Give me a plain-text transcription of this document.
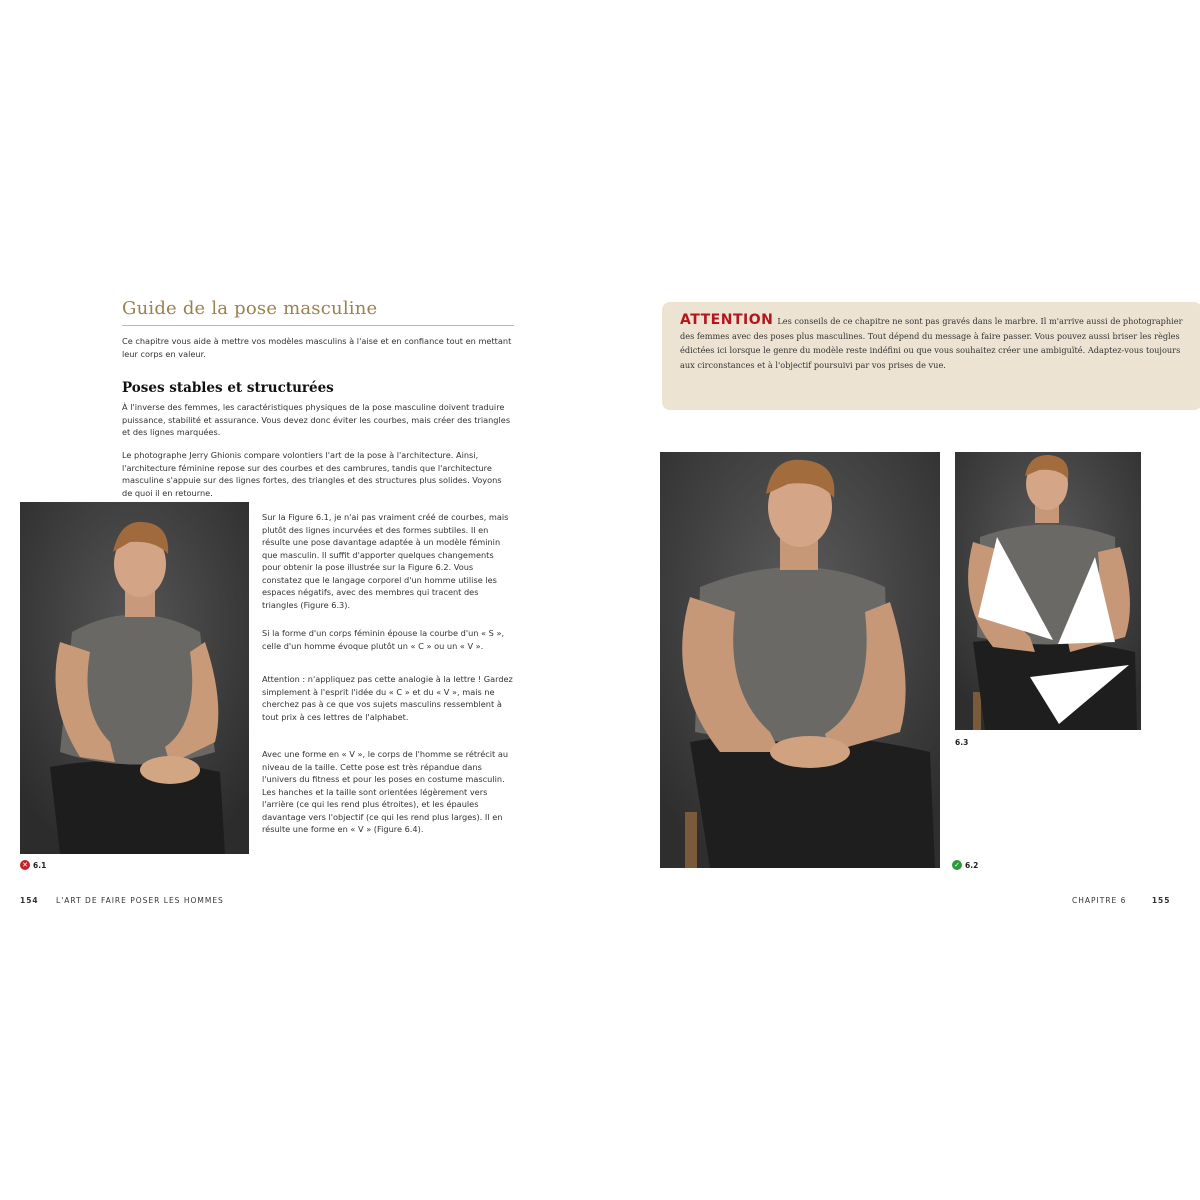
Guide de la pose masculine
Ce chapitre vous aide à mettre vos modèles masculins à l'aise et en confiance tout en mettant leur corps en valeur.
Poses stables et structurées

À l'inverse des femmes, les caractéristiques physiques de la pose masculine doivent traduire puissance, stabilité et assurance. Vous devez donc éviter les courbes, mais créer des triangles et des lignes marquées.

Le photographe Jerry Ghionis compare volontiers l'art de la pose à l'architecture. Ainsi, l'architecture féminine repose sur des courbes et des cambrures, tandis que l'architecture masculine s'appuie sur des lignes fortes, des triangles et des structures plus solides. Voyons de quoi il en retourne.

Sur la Figure 6.1, je n'ai pas vraiment créé de courbes, mais plutôt des lignes incurvées et des formes subtiles. Il en résulte une pose davantage adaptée à un modèle féminin que masculin. Il suffit d'apporter quelques changements pour obtenir la pose illustrée sur la Figure 6.2. Vous constatez que le langage corporel d'un homme utilise les espaces négatifs, avec des membres qui tracent des triangles (Figure 6.3).

Si la forme d'un corps féminin épouse la courbe d'un « S », celle d'un homme évoque plutôt un « C » ou un « V ».

Attention : n'appliquez pas cette analogie à la lettre ! Gardez simplement à l'esprit l'idée du « C » et du « V », mais ne cherchez pas à ce que vos sujets masculins ressemblent à tout prix à ces lettres de l'alphabet.

Avec une forme en « V », le corps de l'homme se rétrécit au niveau de la taille. Cette pose est très répandue dans l'univers du fitness et pour les poses en costume masculin. Les hanches et la taille sont orientées légèrement vers l'arrière (ce qui les rend plus étroites), et les épaules davantage vers l'objectif (ce qui les rend plus larges). Il en résulte une forme en « V » (Figure 6.4).

✕ 6.1
154 L'ART DE FAIRE POSER LES HOMMES
ATTENTION Les conseils de ce chapitre ne sont pas gravés dans le marbre. Il m'arrive aussi de photographier des femmes avec des poses plus masculines. Tout dépend du message à faire passer. Vous pouvez aussi briser les règles édictées ici lorsque le genre du modèle reste indéfini ou que vous souhaitez créer une ambiguïté. Adaptez-vous toujours aux circonstances et à l'objectif poursuivi par vos prises de vue.
✓ 6.2
6.3
CHAPITRE 6	155
